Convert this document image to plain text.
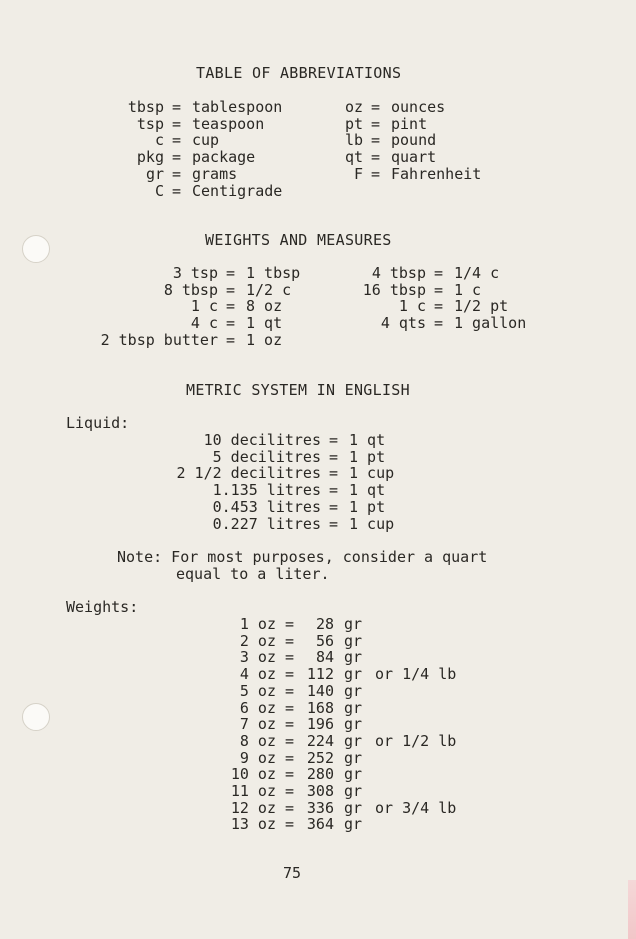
TABLE OF ABBREVIATIONS
tbsp = tablespoon
tsp = teaspoon
c = cup
pkg = package
gr = grams
C = Centigrade
oz = ounces
pt = pint
lb = pound
qt = quart
F = Fahrenheit
WEIGHTS AND MEASURES
3 tsp = 1 tbsp
8 tbsp = 1/2 c
1 c = 8 oz
4 c = 1 qt
2 tbsp butter = 1 oz
4 tbsp = 1/4 c
16 tbsp = 1 c
1 c = 1/2 pt
4 qts = 1 gallon
METRIC SYSTEM IN ENGLISH
Liquid:
10 decilitres = 1 qt
5 decilitres = 1 pt
2 1/2 decilitres = 1 cup
1.135 litres = 1 qt
0.453 litres = 1 pt
0.227 litres = 1 cup
Note: For most purposes, consider a quart
equal to a liter.
Weights:
1 oz = 28 gr
2 oz = 56 gr
3 oz = 84 gr
4 oz = 112 gr or 1/4 lb
5 oz = 140 gr
6 oz = 168 gr
7 oz = 196 gr
8 oz = 224 gr or 1/2 lb
9 oz = 252 gr
10 oz = 280 gr
11 oz = 308 gr
12 oz = 336 gr or 3/4 lb
13 oz = 364 gr
75
